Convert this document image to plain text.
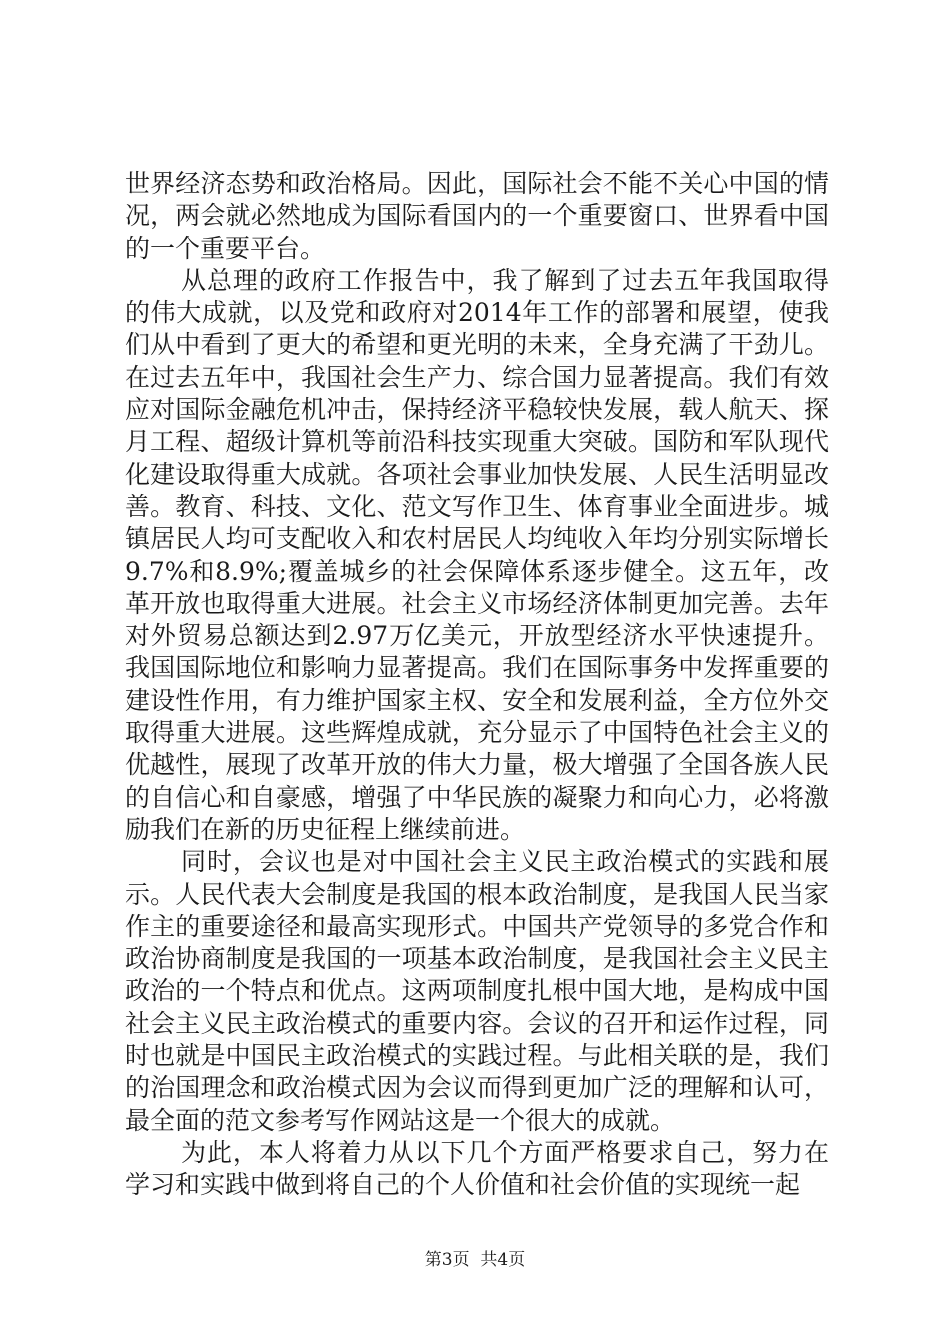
世界经济态势和政治格局。因此，国际社会不能不关心中国的情况，两会就必然地成为国际看国内的一个重要窗口、世界看中国的一个重要平台。

从总理的政府工作报告中，我了解到了过去五年我国取得的伟大成就，以及党和政府对2014年工作的部署和展望，使我们从中看到了更大的希望和更光明的未来，全身充满了干劲儿。在过去五年中，我国社会生产力、综合国力显著提高。我们有效应对国际金融危机冲击，保持经济平稳较快发展，载人航天、探月工程、超级计算机等前沿科技实现重大突破。国防和军队现代化建设取得重大成就。各项社会事业加快发展、人民生活明显改善。教育、科技、文化、范文写作卫生、体育事业全面进步。城镇居民人均可支配收入和农村居民人均纯收入年均分别实际增长9.7%和8.9%;覆盖城乡的社会保障体系逐步健全。这五年，改革开放也取得重大进展。社会主义市场经济体制更加完善。去年对外贸易总额达到2.97万亿美元，开放型经济水平快速提升。我国国际地位和影响力显著提高。我们在国际事务中发挥重要的建设性作用，有力维护国家主权、安全和发展利益，全方位外交取得重大进展。这些辉煌成就，充分显示了中国特色社会主义的优越性，展现了改革开放的伟大力量，极大增强了全国各族人民的自信心和自豪感，增强了中华民族的凝聚力和向心力，必将激励我们在新的历史征程上继续前进。

同时，会议也是对中国社会主义民主政治模式的实践和展示。人民代表大会制度是我国的根本政治制度，是我国人民当家作主的重要途径和最高实现形式。中国共产党领导的多党合作和政治协商制度是我国的一项基本政治制度，是我国社会主义民主政治的一个特点和优点。这两项制度扎根中国大地，是构成中国社会主义民主政治模式的重要内容。会议的召开和运作过程，同时也就是中国民主政治模式的实践过程。与此相关联的是，我们的治国理念和政治模式因为会议而得到更加广泛的理解和认可，最全面的范文参考写作网站这是一个很大的成就。

为此，本人将着力从以下几个方面严格要求自己，努力在学习和实践中做到将自己的个人价值和社会价值的实现统一起

第3页  共4页
